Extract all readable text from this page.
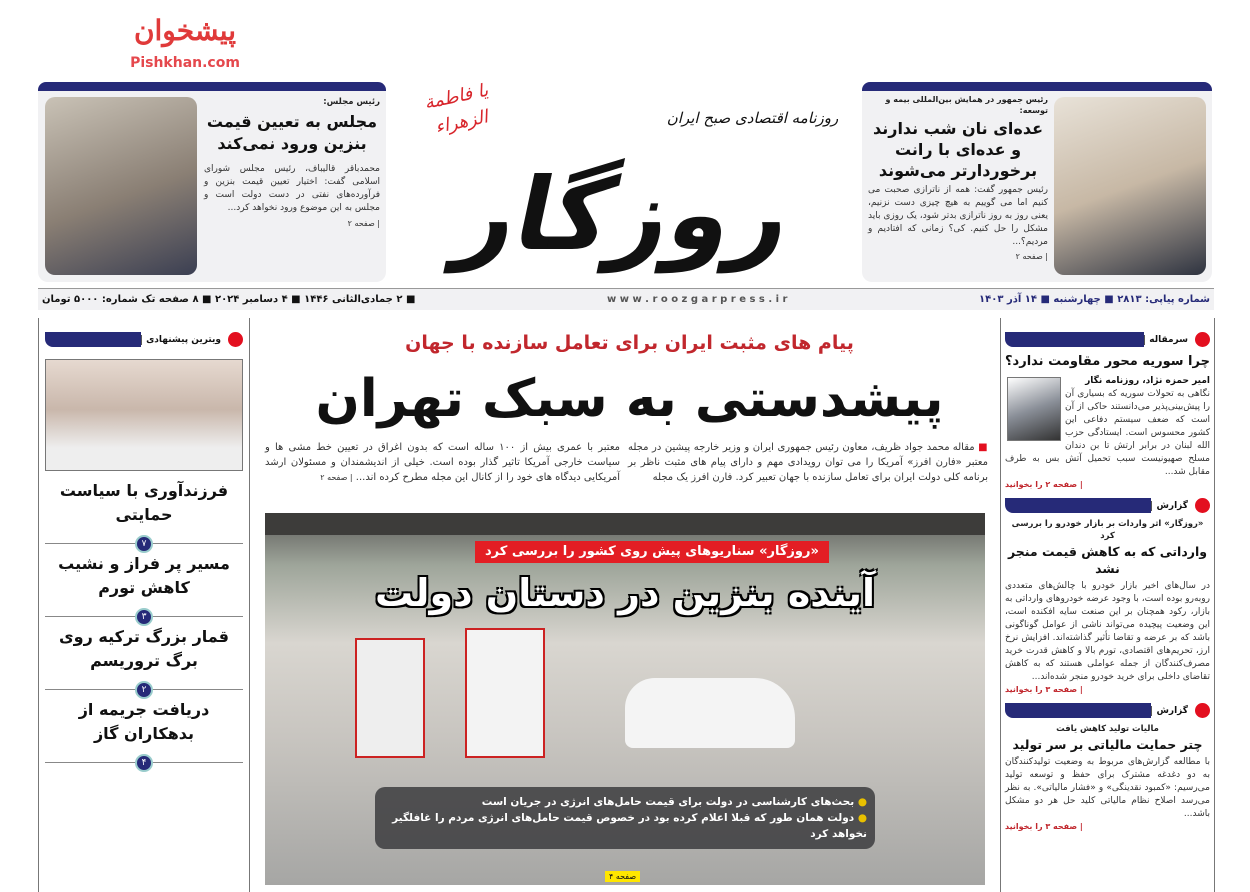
پیشخوان
Pishkhan.com
رئیس مجلس:
مجلس به تعیین قیمت بنزین ورود نمی‌کند
محمدباقر قالیباف، رئیس مجلس شورای اسلامی گفت: اختیار تعیین قیمت بنزین و فرآورده‌های نفتی در دست دولت است و مجلس به این موضوع ورود نخواهد کرد...
| صفحه ۲
رئیس جمهور در همایش بین‌المللی بیمه و توسعه:
عده‌ای نان شب ندارند و عده‌ای با رانت برخوردارتر می‌شوند
رئیس جمهور گفت: همه از ناترازی صحبت می کنیم اما می گوییم به هیچ چیزی دست نزنیم، یعنی روز به روز ناترازی بدتر شود، یک روزی باید مشکل را حل کنیم. کی؟ زمانی که افتادیم و مردیم؟...
| صفحه ۲
یا فاطمة الزهراء	روزنامه اقتصادی صبح ایران
روزگار
■ ۲ جمادی‌الثانی ۱۴۴۶ ■ ۴ دسامبر ۲۰۲۴ ■ ۸ صفحه تک شماره: ۵۰۰۰ تومان	w w w . r o o z g a r p r e s s . i r	شماره پیاپی: ۲۸۱۳ ■ چهارشنبه ■ ۱۴ آذر ۱۴۰۳
ویترین پیشنهادی
فرزندآوری با سیاست حمایتی
۷
مسیر پر فراز و نشیب کاهش تورم
۳
قمار بزرگ ترکیه روی برگ تروریسم
۲
دریافت جریمه از بدهکاران گاز
۴
پیام های مثبت ایران برای تعامل سازنده با جهان
پیشدستی به سبک تهران
■ مقاله محمد جواد ظریف، معاون رئیس جمهوری ایران و وزیر خارجه پیشین در مجله معتبر «فارن افرز» آمریکا را می توان رویدادی مهم و دارای پیام های مثبت ناظر بر برنامه کلی دولت ایران برای تعامل سازنده با جهان تعبیر کرد. فارن افرز یک مجله
معتبر با عمری بیش از ۱۰۰ ساله است که بدون اغراق در تعیین خط مشی ها و سیاست خارجی آمریکا تاثیر گذار بوده است. خیلی از اندیشمندان و مسئولان ارشد آمریکایی دیدگاه های خود را از کانال این مجله مطرح کرده اند... | صفحه ۲
«روزگار» سناریوهای پیش روی کشور را بررسی کرد
آینده بنزین در دستان دولت
● بحث‌های کارشناسی در دولت برای قیمت حامل‌های انرژی در جریان است
● دولت همان طور که قبلا اعلام کرده بود در خصوص قیمت حامل‌های انرژی مردم را غافلگیر نخواهد کرد
صفحه ۴
سرمقاله
چرا سوریه محور مقاومت ندارد؟
امیر حمزه نژاد، روزنامه نگار
نگاهی به تحولات سوریه که بسیاری آن را پیش‌بینی‌پذیر می‌دانستند حاکی از آن است که ضعف سیستم دفاعی این کشور محسوس است. ایستادگی حزب الله لبنان در برابر ارتش تا بن دندان مسلح صهیونیست سبب تحمیل آتش بس به طرف مقابل شد...
| صفحه ۲ را بخوانید
گزارش
«روزگار» اثر واردات بر بازار خودرو را بررسی کرد
وارداتی که به کاهش قیمت منجر نشد
در سال‌های اخیر بازار خودرو با چالش‌های متعددی روبه‌رو بوده است، با وجود عرضه خودروهای وارداتی به بازار، رکود همچنان بر این صنعت سایه افکنده است، این وضعیت پیچیده می‌تواند ناشی از عوامل گوناگونی باشد که بر عرضه و تقاضا تأثیر گذاشته‌اند. افزایش نرخ ارز، تحریم‌های اقتصادی، تورم بالا و کاهش قدرت خرید مصرف‌کنندگان از جمله عواملی هستند که به کاهش تقاضای داخلی برای خرید خودرو منجر شده‌اند...
| صفحه ۳ را بخوانید
گزارش
مالیات تولید کاهش یافت
چتر حمایت مالیاتی بر سر تولید
با مطالعه گزارش‌های مربوط به وضعیت تولیدکنندگان به دو دغدغه مشترک برای حفظ و توسعه تولید می‌رسیم: «کمبود نقدینگی» و «فشار مالیاتی». به نظر می‌رسد اصلاح نظام مالیاتی کلید حل هر دو مشکل باشد...
| صفحه ۳ را بخوانید
